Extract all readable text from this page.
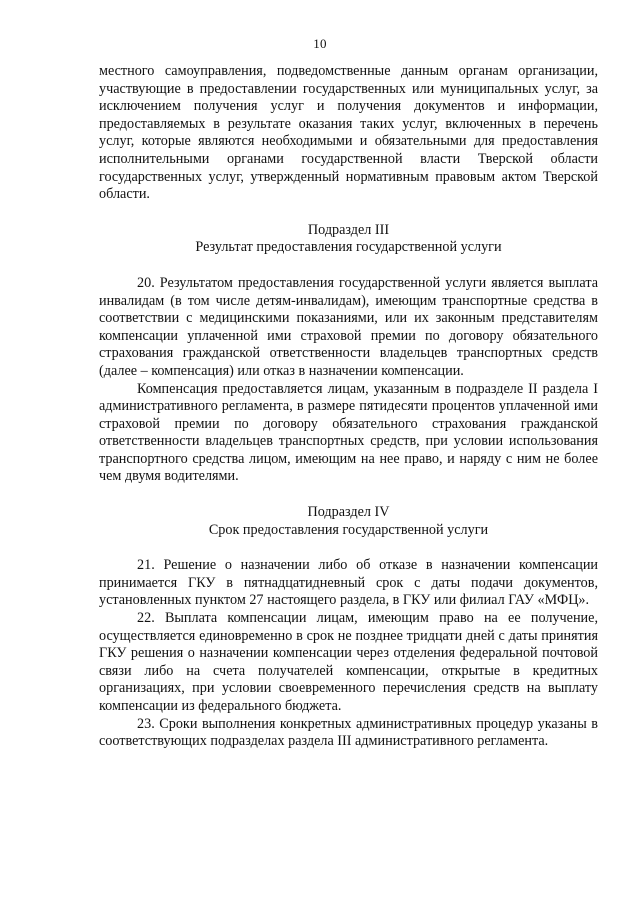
10

местного самоуправления, подведомственные данным органам организации, участвующие в предоставлении государственных или муниципальных услуг, за исключением получения услуг и получения документов и информации, предоставляемых в результате оказания таких услуг, включенных в перечень услуг, которые являются необходимыми и обязательными для предоставления исполнительными органами государственной власти Тверской области государственных услуг, утвержденный нормативным правовым актом Тверской области.

Подраздел III
Результат предоставления государственной услуги

20. Результатом предоставления государственной услуги является выплата инвалидам (в том числе детям-инвалидам), имеющим транспортные средства в соответствии с медицинскими показаниями, или их законным представителям компенсации уплаченной ими страховой премии по договору обязательного страхования гражданской ответственности владельцев транспортных средств (далее – компенсация) или отказ в назначении компенсации.

Компенсация предоставляется лицам, указанным в подразделе II раздела I административного регламента, в размере пятидесяти процентов уплаченной ими страховой премии по договору обязательного страхования гражданской ответственности владельцев транспортных средств, при условии использования транспортного средства лицом, имеющим на нее право, и наряду с ним не более чем двумя водителями.

Подраздел IV
Срок предоставления государственной услуги

21. Решение о назначении либо об отказе в назначении компенсации принимается ГКУ в пятнадцатидневный срок с даты подачи документов, установленных пунктом 27 настоящего раздела, в ГКУ или филиал ГАУ «МФЦ».

22. Выплата компенсации лицам, имеющим право на ее получение, осуществляется единовременно в срок не позднее тридцати дней с даты принятия ГКУ решения о назначении компенсации через отделения федеральной почтовой связи либо на счета получателей компенсации, открытые в кредитных организациях, при условии своевременного перечисления средств на выплату компенсации из федерального бюджета.

23. Сроки выполнения конкретных административных процедур указаны в соответствующих подразделах раздела III административного регламента.
